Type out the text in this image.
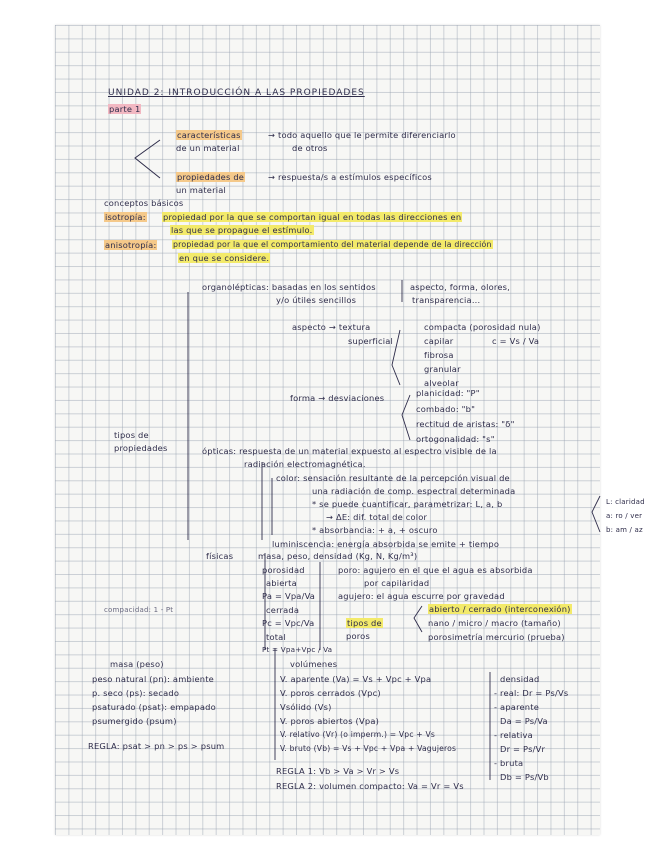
UNIDAD 2: INTRODUCCIÓN A LAS PROPIEDADES
parte 1
características
de un material
→ todo aquello que le permite diferenciarlo
de otros
propiedades de
un material
→ respuesta/s a estímulos específicos
conceptos básicos
isotropía: propiedad por la que se comportan igual en todas las direcciones en
las que se propague el estímulo.
anisotropía: propiedad por la que el comportamiento del material depende de la dirección
en que se considere.
tipos de
propiedades
organolépticas: basadas en los sentidos
y/o útiles sencillos
aspecto, forma, olores,
transparencia...
aspecto → textura
superficial
compacta (porosidad nula)
capilar	c = Vs / Va
fibrosa
granular
alveolar
forma → desviaciones	planicidad: "P"
combado: "b"
rectitud de aristas: "δ"
ortogonalidad: "s"
ópticas: respuesta de un material expuesto al espectro visible de la
radiación electromagnética.
color: sensación resultante de la percepción visual de
una radiación de comp. espectral determinada
* se puede cuantificar, parametrizar: L, a, b
→ ΔE: dif. total de color
* absorbancia: + a, + oscuro
L: claridad
a: ro / ver
b: am / az
luminiscencia: energía absorbida se emite + tiempo
físicas	masa, peso, densidad (Kg, N, Kg/m³)
porosidad
abierta
Pa = Vpa/Va
cerrada
Pc = Vpc/Va
total
Pt = Vpa+Vpc / Va
poro: agujero en el que el agua es absorbida
por capilaridad
agujero: el agua escurre por gravedad
abierto / cerrado (interconexión)
tipos de
poros
nano / micro / macro (tamaño)
porosimetría mercurio (prueba)
compacidad: 1 - Pt
masa (peso)
peso natural (pn): ambiente
p. seco (ps): secado
psaturado (psat): empapado
psumergido (psum)
REGLA: psat > pn > ps > psum
volúmenes
V. aparente (Va) = Vs + Vpc + Vpa
V. poros cerrados (Vpc)
Vsólido (Vs)
V. poros abiertos (Vpa)
V. relativo (Vr) (o imperm.) = Vpc + Vs
V. bruto (Vb) = Vs + Vpc + Vpa + Vagujeros
REGLA 1: Vb > Va > Vr > Vs
REGLA 2: volumen compacto: Va = Vr = Vs
densidad
- real: Dr = Ps/Vs
- aparente
Da = Ps/Va
- relativa
Dr = Ps/Vr
- bruta
Db = Ps/Vb
